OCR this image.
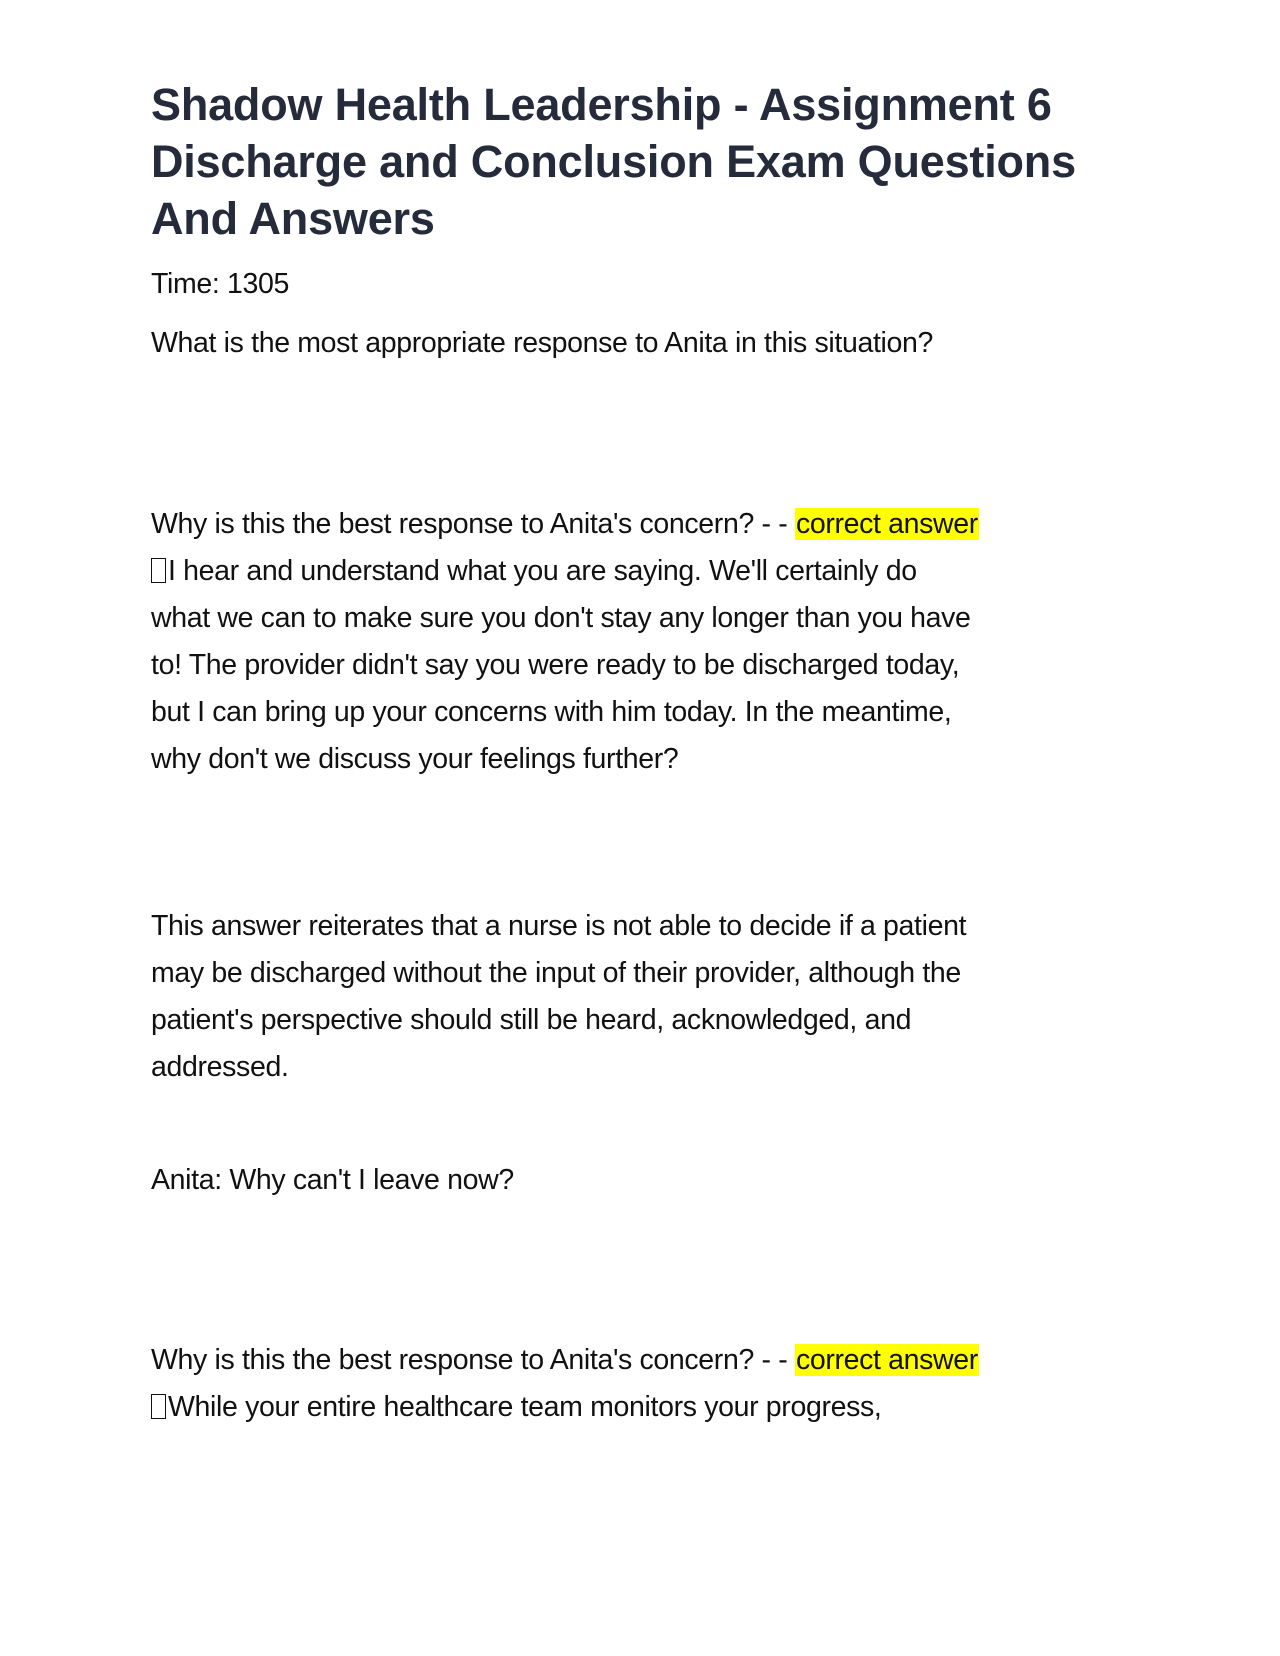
Shadow Health Leadership - Assignment 6 Discharge and Conclusion Exam Questions And Answers

Time: 1305

What is the most appropriate response to Anita in this situation?

Why is this the best response to Anita's concern? - - correct answer
I hear and understand what you are saying. We'll certainly do
what we can to make sure you don't stay any longer than you have
to! The provider didn't say you were ready to be discharged today,
but I can bring up your concerns with him today. In the meantime,
why don't we discuss your feelings further?
This answer reiterates that a nurse is not able to decide if a patient
may be discharged without the input of their provider, although the
patient's perspective should still be heard, acknowledged, and
addressed.

Anita: Why can't I leave now?

Why is this the best response to Anita's concern? - - correct answer
While your entire healthcare team monitors your progress,
